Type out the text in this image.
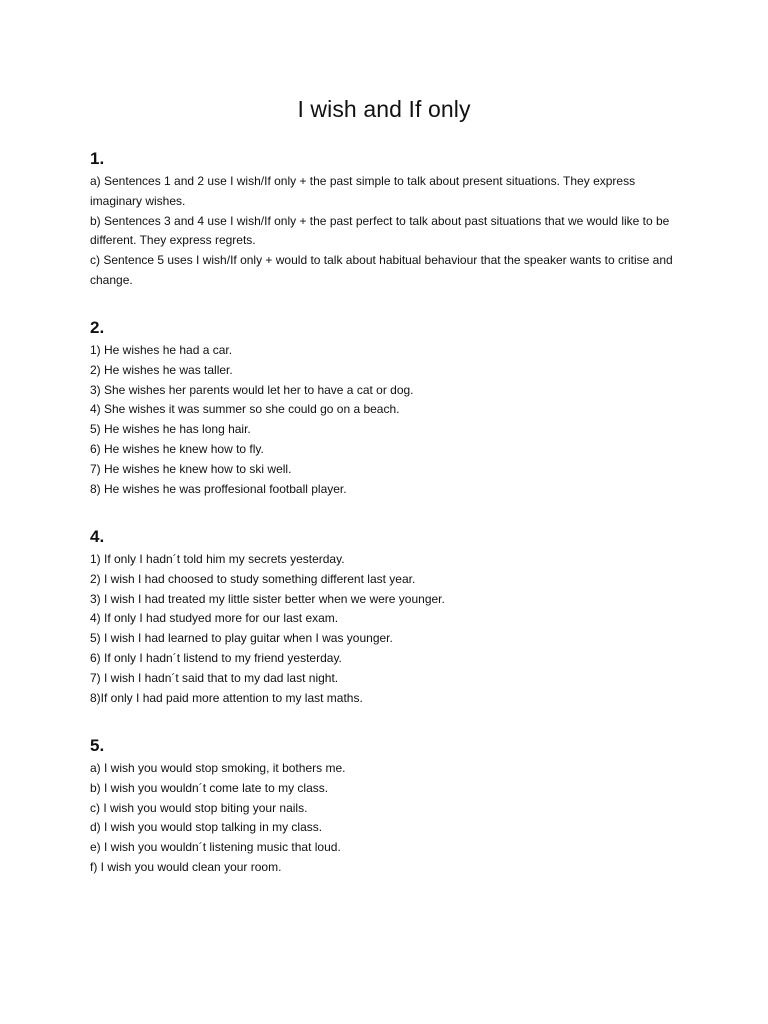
I wish and If only
1.
a) Sentences 1 and 2 use I wish/If only + the past simple to talk about present situations. They express imaginary wishes.
b) Sentences 3 and 4 use I wish/If only + the past perfect to talk about past situations that we would like to be different. They express regrets.
c) Sentence 5 uses I wish/If only + would to talk about habitual behaviour that the speaker wants to critise and change.
2.
1) He wishes he had a car.
2) He wishes he was taller.
3) She wishes her parents would let her to have a cat or dog.
4) She wishes it was summer so she could go on a beach.
5) He wishes he has long hair.
6) He wishes he knew how to fly.
7) He wishes he knew how to ski well.
8) He wishes he was proffesional football player.
4.
1) If only I hadn´t told him my secrets yesterday.
2) I wish I had choosed to study something different last year.
3) I wish I had treated my little sister better when we were younger.
4) If only I had studyed more for our last exam.
5) I wish I had learned to play guitar when I was younger.
6) If only I hadn´t listend to my friend yesterday.
7) I wish I hadn´t said that to my dad last night.
8)If only I had paid more attention to my last maths.
5.
a) I wish you would stop smoking, it bothers me.
b) I wish you wouldn´t come late to my class.
c) I wish you would stop biting your nails.
d) I wish you would stop talking in my class.
e) I wish you wouldn´t listening music that loud.
f) I wish you would clean your room.
